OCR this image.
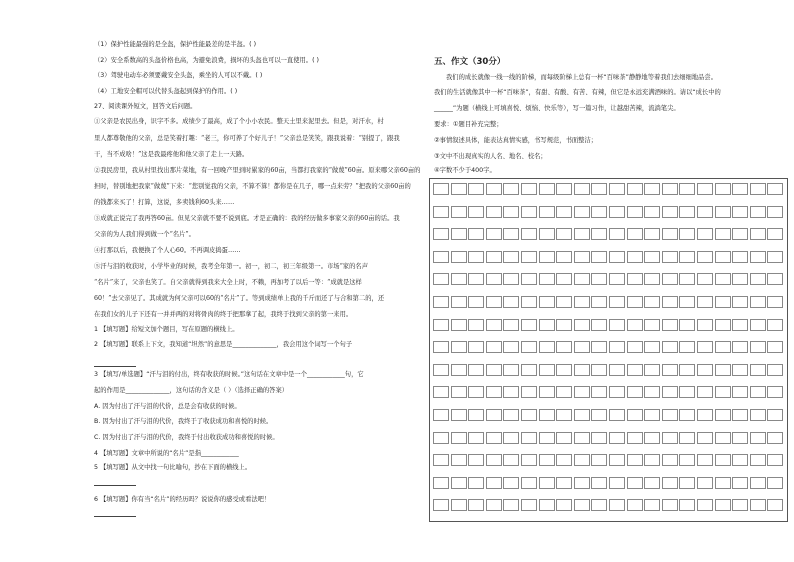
（1）保护性能最强的是全盔，保护性能最差的是半盔。( )
（2）安全系数高的头盔价格也高，为避免浪费，损坏的头盔也可以一直使用。( )
（3）驾驶电动车必须要戴安全头盔，乘坐的人可以不戴。( )
（4）工地安全帽可以代替头盔起到保护的作用。( )
27、阅读课外短文，回答文后问题。
①父亲是农民出身，识字不多。成绩少了最高，成了个小小农民。整天土里来泥里去。但是，对汗水，村
里人都尊敬他的父亲，总是笑着打趣：“老三，你可养了个好儿子！”父亲总是笑笑，跟我说着：“别提了，跟我
干，当不成啥！”这是我最疼他和他父亲了走上一天路。
②我民房里，我从村里找出那片菜地，有一回晚产里到时累家的60亩，当都打我家的“做蔑”60亩。原来哪父亲60亩的
担时，替别地把我家“做蔑”下来：“您别觉我的父亲，不算不算！都你是在几子，哪一点来劳？”把我的父亲60亩的
的钱都来买了！打算，这说，多卖钱利60头来……
③成就正说完了我再答60亩。但见父亲就不要不说到底。才是正确的：我的经历做多事家父亲的60亩的话。我
父亲的为人我们得到做一个“名片”。
④打那以后，我便换了个人心60。不再调皮捣蛋……
⑤汗与泪的收获时，小学毕业的时候，我考全年第一。初一，初二，初三年级第一。市场“家的名声
“名片”来了，父亲也笑了。自父亲就得到我来大全上时，不赖，再加考了以后一等：“成就是这样
60！”去父亲见了。其成就为何父亲可以60的“名片”了。等到成绩单上我的千斤而还了与合和第二的，还
在我们女的儿子下还有一并并两的对将骨肉的终于把那拿了起，我终于找到父亲的第一来用。
1 【填写题】给短文加个题目，写在原题的横线上。
2 【填写题】联系上下文，我知道“坦然”的意思是______________，我会用这个词写一个句子
3 【填写/单选题】“汗与泪的付出，终有收获的时候。”这句话在文章中是一个____________句，它
起的作用是______________，这句话的含义是（ ）（选择正确的答案）
A. 因为付出了汗与泪的代价，总是会有收获的时候。
B. 因为付出了汗与泪的代价，我终于了收获成功和喜悦的时候。
C. 因为付出了汗与泪的代价，我终于付出收获成功和喜悦的时候。
4 【填写题】文章中所说的“名片”是指____________
5 【填写题】从文中找一句比喻句，抄在下面的横线上。
6 【填写题】你有当“名片”的经历吗？说说你的感受或看法吧！
五、作文（30分）
我们的成长就像一线一线的阶梯，而每级阶梯上总有一杯“百味茶”静静地等着我们去细细地品尝。
我们的生活就像其中一杯“百味茶”，有甜、有酸、有苦、有辣，但它是永远充满酒味的。请以“成长中的
______”为题（横线上可填喜悦、烦恼、快乐等），写一篇习作，让越甜苦辣，流淌笔尖。
要求：①题目补充完整；
②事情叙述具体，能表达真情实感，书写规范，书面整洁；
③文中不出现真实的人名、地名、校名；
④字数不少于400字。
